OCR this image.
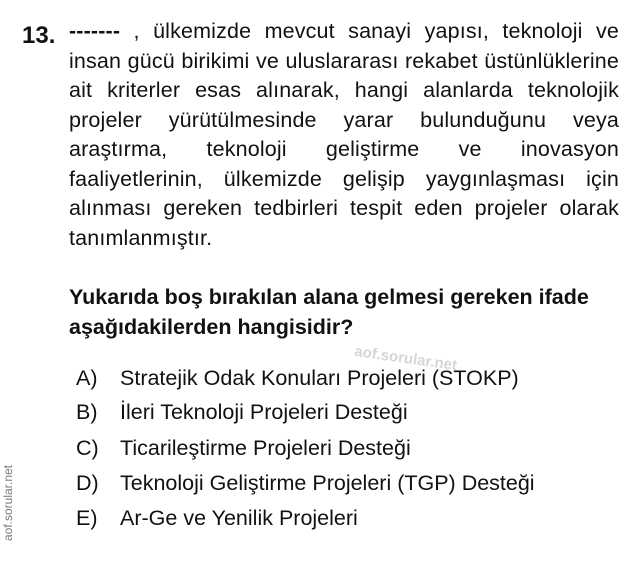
13. ------- , ülkemizde mevcut sanayi yapısı, teknoloji ve insan gücü birikimi ve uluslararası rekabet üstünlüklerine ait kriterler esas alınarak, hangi alanlarda teknolojik projeler yürütülmesinde yarar bulunduğunu veya araştırma, teknoloji geliştirme ve inovasyon faaliyetlerinin, ülkemizde gelişip yaygınlaşması için alınması gereken tedbirleri tespit eden projeler olarak tanımlanmıştır.
Yukarıda boş bırakılan alana gelmesi gereken ifade aşağıdakilerden hangisidir?
A) Stratejik Odak Konuları Projeleri (STOKP)
B) İleri Teknoloji Projeleri Desteği
C) Ticarileştirme Projeleri Desteği
D) Teknoloji Geliştirme Projeleri (TGP) Desteği
E) Ar-Ge ve Yenilik Projeleri
aof.sorular.net
aof.sorular.net
